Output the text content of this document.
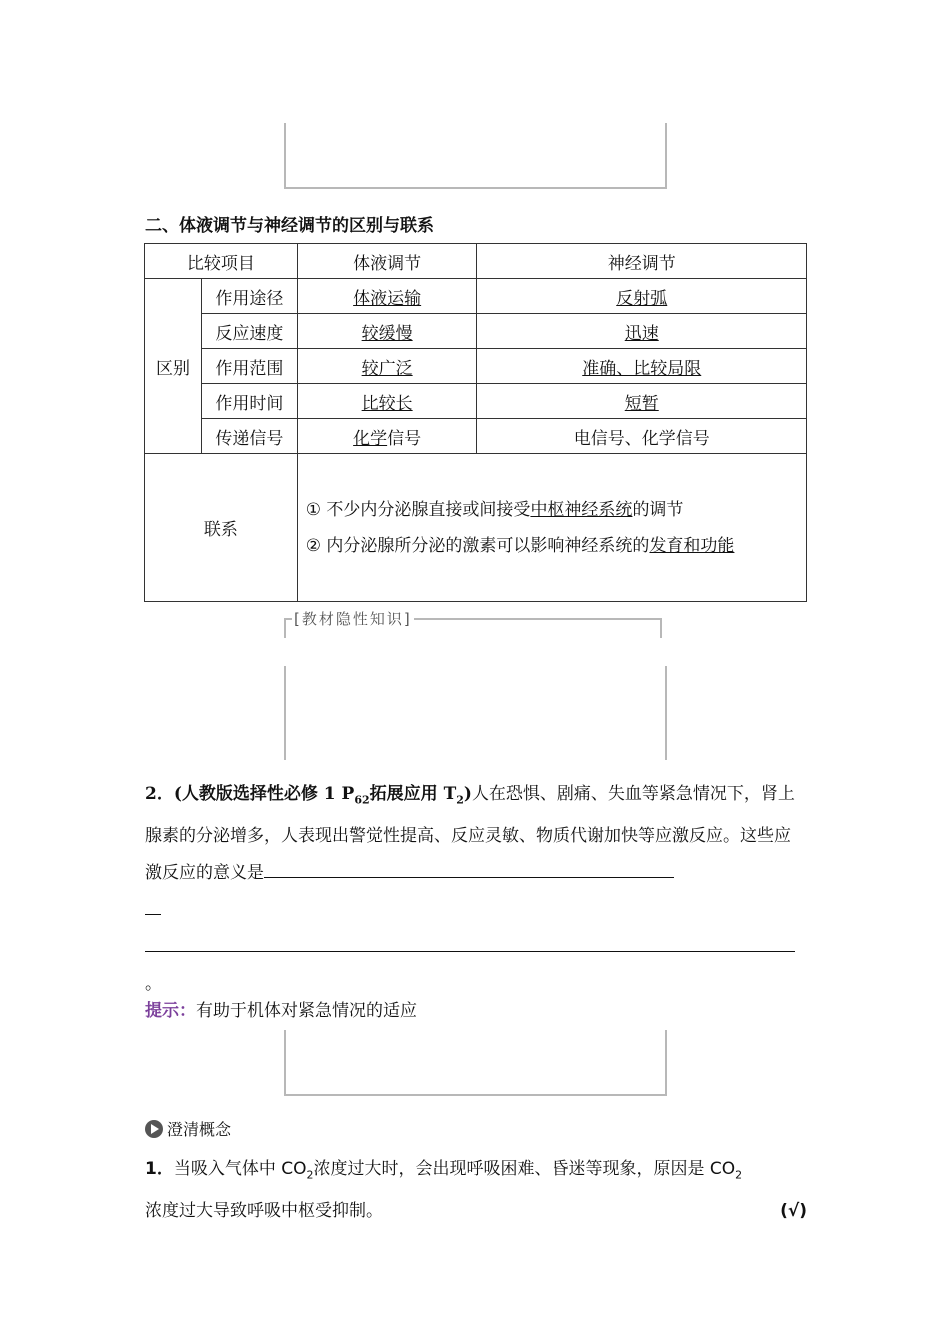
二、体液调节与神经调节的区别与联系
比较项目		体液调节	神经调节
区别	作用途径	体液运输	反射弧
	反应速度	较缓慢	迅速
	作用范围	较广泛	准确、比较局限
	作用时间	比较长	短暂
	传递信号	化学信号	电信号、化学信号
联系		① 不少内分泌腺直接或间接受中枢神经系统的调节
② 内分泌腺所分泌的激素可以影响神经系统的发育和功能	
[教材隐性知识]
2．(人教版选择性必修 1 $P_{62}$拓展应用 $T_2$)人在恐惧、剧痛、失血等紧急情况下，肾上腺素的分泌增多，人表现出警觉性提高、反应灵敏、物质代谢加快等应激反应。这些应激反应的意义是

。
提示：有助于机体对紧急情况的适应
澄清概念
1．当吸入气体中 $CO_2$浓度过大时，会出现呼吸困难、昏迷等现象，原因是 $CO_2$
浓度过大导致呼吸中枢受抑制。	(√)
